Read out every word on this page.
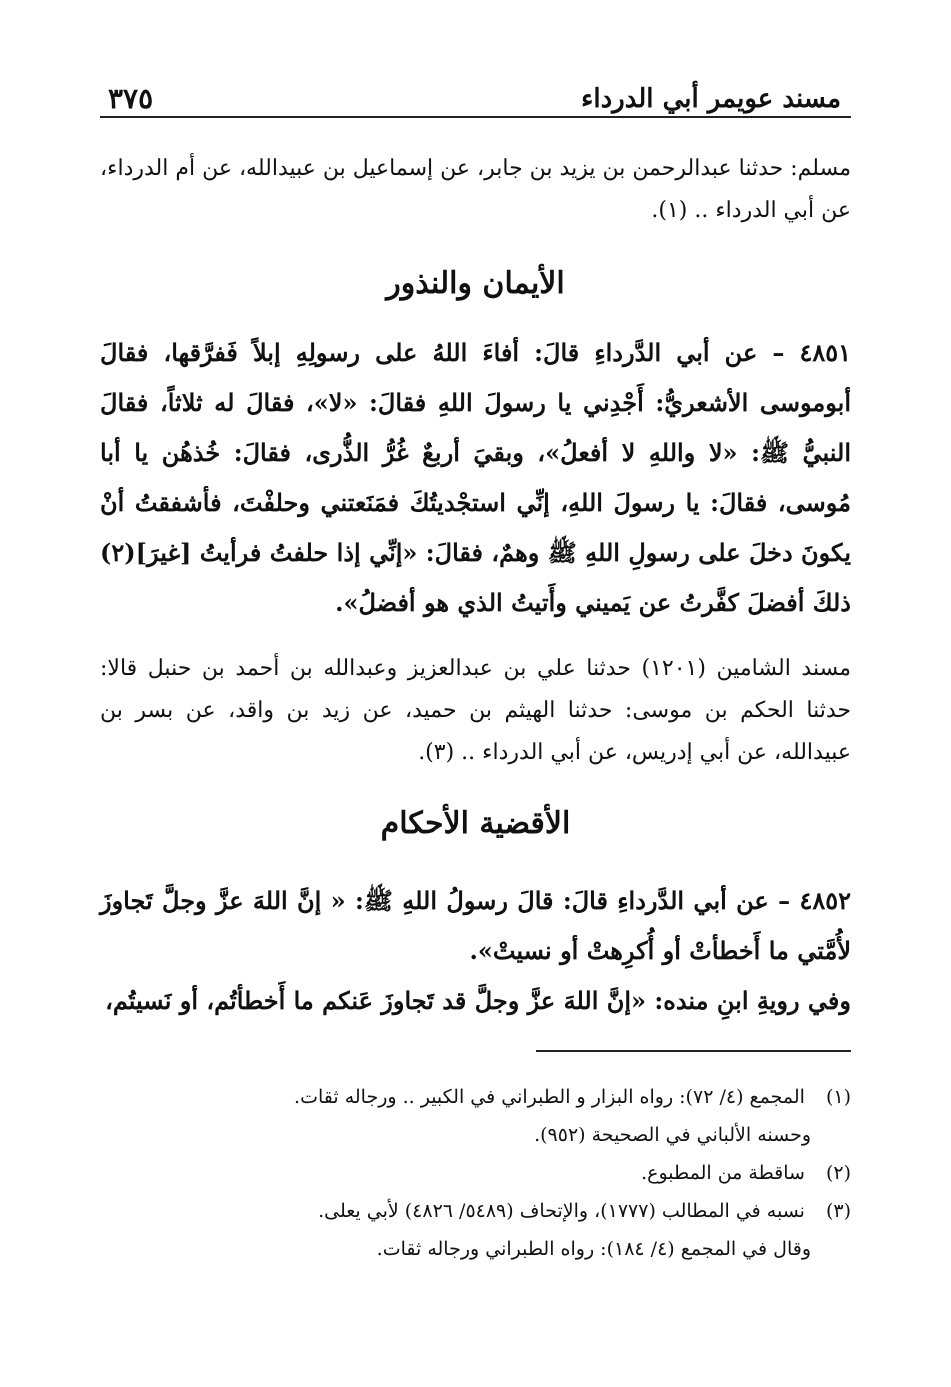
مسند عويمر أبي الدرداء
٣٧٥
مسلم: حدثنا عبدالرحمن بن يزيد بن جابر، عن إسماعيل بن عبيدالله، عن أم الدرداء،
عن أبي الدرداء .. (١).
الأيمان والنذور
٤٨٥١ – عن أبي الدَّرداءِ قالَ: أفاءَ اللهُ على رسولِهِ إبلاً فَفرَّقها، فقالَ أبوموسى الأشعريُّ: أَجْدِني يا رسولَ اللهِ فقالَ: «لا»، فقالَ له ثلاثاً، فقالَ النبيُّ ﷺ: «لا واللهِ لا أفعلُ»، وبقيَ أربعٌ غُرُّ الذُّرى، فقالَ: خُذهُن يا أبا مُوسى، فقالَ: يا رسولَ اللهِ، إنِّي استجْديتُكَ فمَنَعتني وحلفْتَ، فأشفقتُ أنْ يكونَ دخلَ على رسولِ اللهِ ﷺ وهمٌ، فقالَ: «إنِّي إذا حلفتُ فرأيتُ [غيرَ](٢) ذلكَ أفضلَ كفَّرتُ عن يَميني وأَتيتُ الذي هو أفضلُ».
مسند الشامين (١٢٠١) حدثنا علي بن عبدالعزيز وعبدالله بن أحمد بن حنبل قالا: حدثنا الحكم بن موسى: حدثنا الهيثم بن حميد، عن زيد بن واقد، عن بسر بن عبيدالله، عن أبي إدريس، عن أبي الدرداء .. (٣).
الأقضية الأحكام
٤٨٥٢ – عن أبي الدَّرداءِ قالَ: قالَ رسولُ اللهِ ﷺ: « إنَّ اللهَ عزَّ وجلَّ تَجاوزَ لأُمَّتي ما أَخطأتْ أو أُكرِهتْ أو نسيتْ».
وفي رويةِ ابنِ منده: «إنَّ اللهَ عزَّ وجلَّ قد تَجاوزَ عَنكم ما أَخطأتُم، أو نَسيتُم،
(١) المجمع (٤/ ٧٢): رواه البزار و الطبراني في الكبير .. ورجاله ثقات.
وحسنه الألباني في الصحيحة (٩٥٢).
(٢) ساقطة من المطبوع.
(٣) نسبه في المطالب (١٧٧٧)، والإتحاف (٥٤٨٩/ ٤٨٢٦) لأبي يعلى.
وقال في المجمع (٤/ ١٨٤): رواه الطبراني ورجاله ثقات.
